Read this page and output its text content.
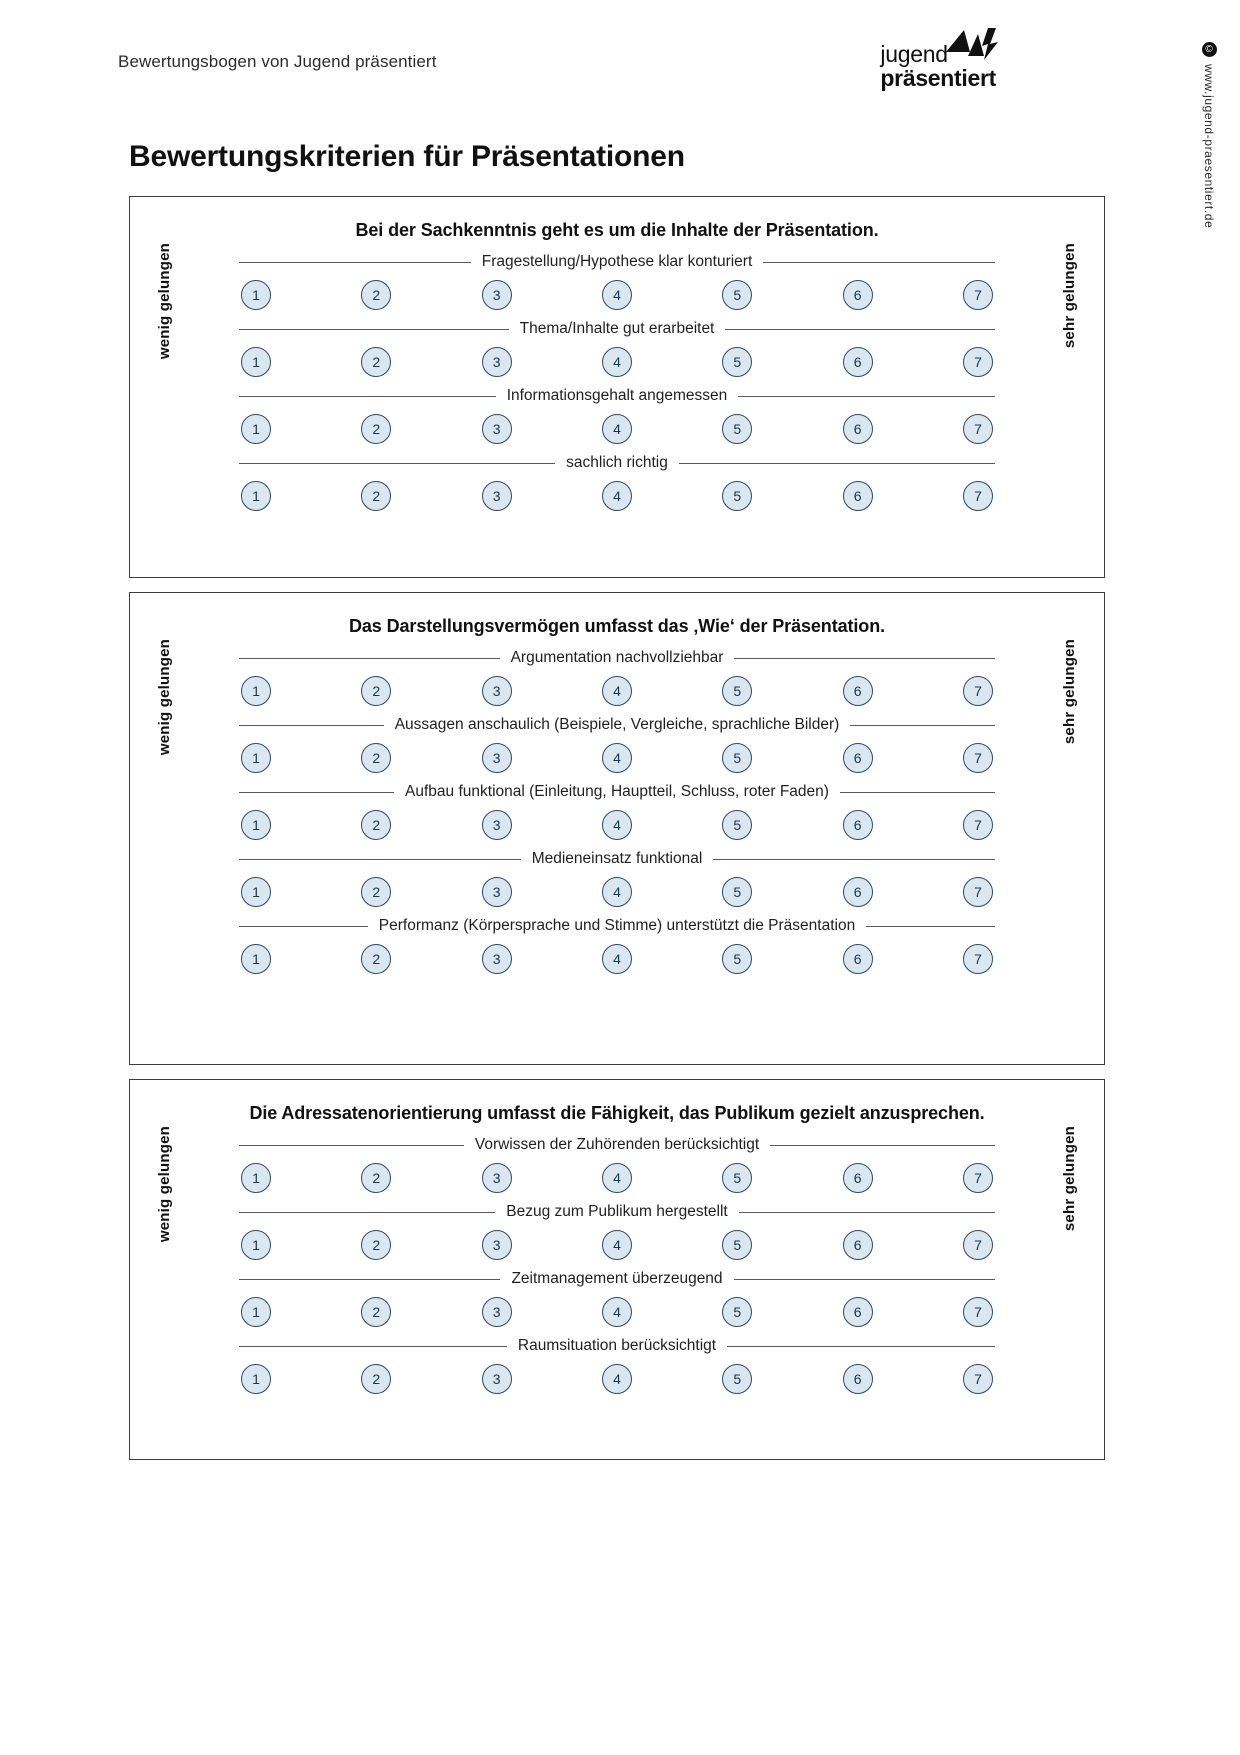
Bewertungsbogen von Jugend präsentiert	jugend
präsentiert
©
www.jugend-praesentiert.de
Bewertungskriterien für Präsentationen
Bei der Sachkenntnis geht es um die Inhalte der Präsentation.
wenig gelungen	sehr gelungen
Fragestellung/Hypothese klar konturiert
1	2	3	4	5	6	7
Thema/Inhalte gut erarbeitet
1	2	3	4	5	6	7
Informationsgehalt angemessen
1	2	3	4	5	6	7
sachlich richtig
1	2	3	4	5	6	7
Das Darstellungsvermögen umfasst das ‚Wie‘ der Präsentation.
wenig gelungen	sehr gelungen
Argumentation nachvollziehbar
1	2	3	4	5	6	7
Aussagen anschaulich (Beispiele, Vergleiche, sprachliche Bilder)
1	2	3	4	5	6	7
Aufbau funktional (Einleitung, Hauptteil, Schluss, roter Faden)
1	2	3	4	5	6	7
Medieneinsatz funktional
1	2	3	4	5	6	7
Performanz (Körpersprache und Stimme) unterstützt die Präsentation
1	2	3	4	5	6	7
Die Adressatenorientierung umfasst die Fähigkeit, das Publikum gezielt anzusprechen.
wenig gelungen	sehr gelungen
Vorwissen der Zuhörenden berücksichtigt
1	2	3	4	5	6	7
Bezug zum Publikum hergestellt
1	2	3	4	5	6	7
Zeitmanagement überzeugend
1	2	3	4	5	6	7
Raumsituation berücksichtigt
1	2	3	4	5	6	7
